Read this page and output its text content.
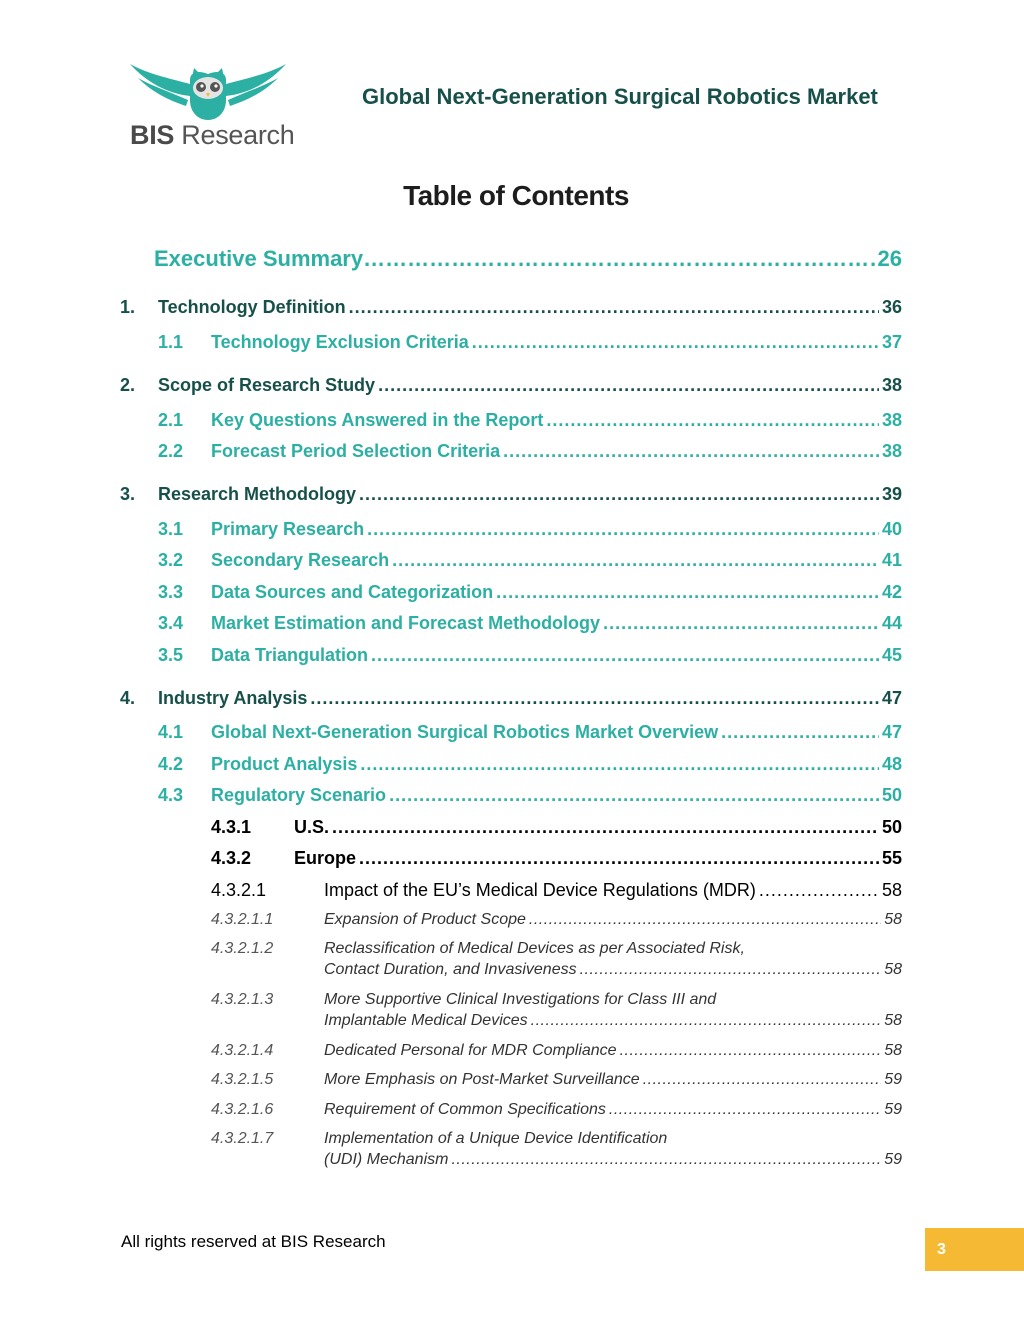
BIS Research
Global Next-Generation Surgical Robotics Market
Table of Contents
Executive Summary ……………………………………………………………………………………………………………………………………………………………………………………………	26
1.	Technology Definition .....	36
1.1	Technology Exclusion Criteria .....	37
2.	Scope of Research Study .....	38
2.1	Key Questions Answered in the Report .....	38
2.2	Forecast Period Selection Criteria .....	38
3.	Research Methodology .....	39
3.1	Primary Research .....	40
3.2	Secondary Research .....	41
3.3	Data Sources and Categorization .....	42
3.4	Market Estimation and Forecast Methodology .....	44
3.5	Data Triangulation .....	45
4.	Industry Analysis .....	47
4.1	Global Next-Generation Surgical Robotics Market Overview .....	47
4.2	Product Analysis .....	48
4.3	Regulatory Scenario .....	50
4.3.1	U.S. .....	50
4.3.2	Europe .....	55
4.3.2.1	Impact of the EU’s Medical Device Regulations (MDR) .....	58
4.3.2.1.1	Expansion of Product Scope .....	58
4.3.2.1.2	Reclassification of Medical Devices as per Associated Risk,
Contact Duration, and Invasiveness .....	58
4.3.2.1.3	More Supportive Clinical Investigations for Class III and
Implantable Medical Devices .....	58
4.3.2.1.4	Dedicated Personal for MDR Compliance .....	58
4.3.2.1.5	More Emphasis on Post-Market Surveillance .....	59
4.3.2.1.6	Requirement of Common Specifications .....	59
4.3.2.1.7	Implementation of a Unique Device Identification
(UDI) Mechanism .....	59
All rights reserved at BIS Research	3
